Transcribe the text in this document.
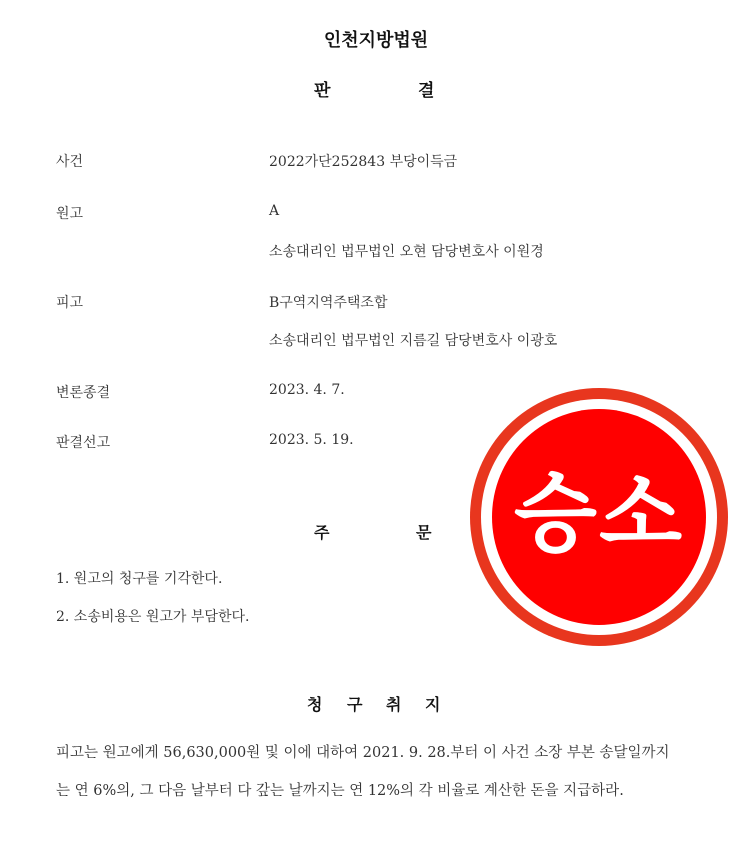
인천지방법원
판	결
사건	2022가단252843 부당이득금
원고	A
소송대리인 법무법인 오현 담당변호사 이원경
피고	B구역지역주택조합
소송대리인 법무법인 지름길 담당변호사 이광호
변론종결	2023. 4. 7.
판결선고	2023. 5. 19.
주	문
1. 원고의 청구를 기각한다.
2. 소송비용은 원고가 부담한다.
청 구 취 지
피고는 원고에게 56,630,000원 및 이에 대하여 2021. 9. 28.부터 이 사건 소장 부본 송달일까지
는 연 6%의, 그 다음 날부터 다 갚는 날까지는 연 12%의 각 비율로 계산한 돈을 지급하라.
승소
